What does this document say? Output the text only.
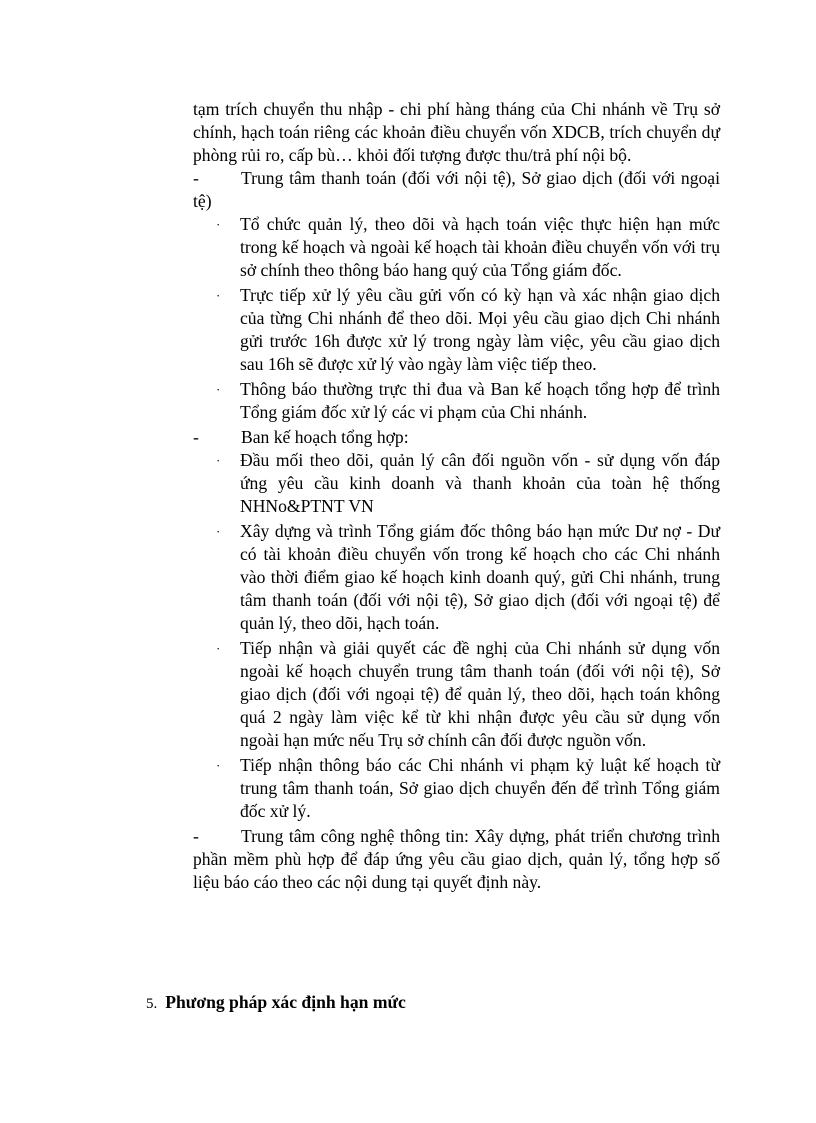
tạm trích chuyển thu nhập - chi phí hàng tháng của Chi nhánh về Trụ sở chính, hạch toán riêng các khoản điều chuyển vốn XDCB, trích chuyển dự phòng rủi ro, cấp bù… khỏi đối tượng được thu/trả phí nội bộ.

- Trung tâm thanh toán (đối với nội tệ), Sở giao dịch (đối với ngoại tệ)

· Tổ chức quản lý, theo dõi và hạch toán việc thực hiện hạn mức trong kế hoạch và ngoài kế hoạch tài khoản điều chuyển vốn với trụ sở chính theo thông báo hang quý của Tổng giám đốc.
· Trực tiếp xử lý yêu cầu gửi vốn có kỳ hạn và xác nhận giao dịch của từng Chi nhánh để theo dõi. Mọi yêu cầu giao dịch Chi nhánh gửi trước 16h được xử lý trong ngày làm việc, yêu cầu giao dịch sau 16h sẽ được xử lý vào ngày làm việc tiếp theo.
· Thông báo thường trực thi đua và Ban kế hoạch tổng hợp để trình Tổng giám đốc xử lý các vi phạm của Chi nhánh.

- Ban kế hoạch tổng hợp:

· Đầu mối theo dõi, quản lý cân đối nguồn vốn - sử dụng vốn đáp ứng yêu cầu kinh doanh và thanh khoản của toàn hệ thống NHNo&PTNT VN
· Xây dựng và trình Tổng giám đốc thông báo hạn mức Dư nợ - Dư có tài khoản điều chuyển vốn trong kế hoạch cho các Chi nhánh vào thời điểm giao kế hoạch kinh doanh quý, gửi Chi nhánh, trung tâm thanh toán (đối với nội tệ), Sở giao dịch (đối với ngoại tệ) để quản lý, theo dõi, hạch toán.
· Tiếp nhận và giải quyết các đề nghị của Chi nhánh sử dụng vốn ngoài kế hoạch chuyển trung tâm thanh toán (đối với nội tệ), Sở giao dịch (đối với ngoại tệ) để quản lý, theo dõi, hạch toán không quá 2 ngày làm việc kể từ khi nhận được yêu cầu sử dụng vốn ngoài hạn mức nếu Trụ sở chính cân đối được nguồn vốn.
· Tiếp nhận thông báo các Chi nhánh vi phạm kỷ luật kế hoạch từ trung tâm thanh toán, Sở giao dịch chuyển đến để trình Tổng giám đốc xử lý.

- Trung tâm công nghệ thông tin: Xây dựng, phát triển chương trình phần mềm phù hợp để đáp ứng yêu cầu giao dịch, quản lý, tổng hợp số liệu báo cáo theo các nội dung tại quyết định này.

5. Phương pháp xác định hạn mức
